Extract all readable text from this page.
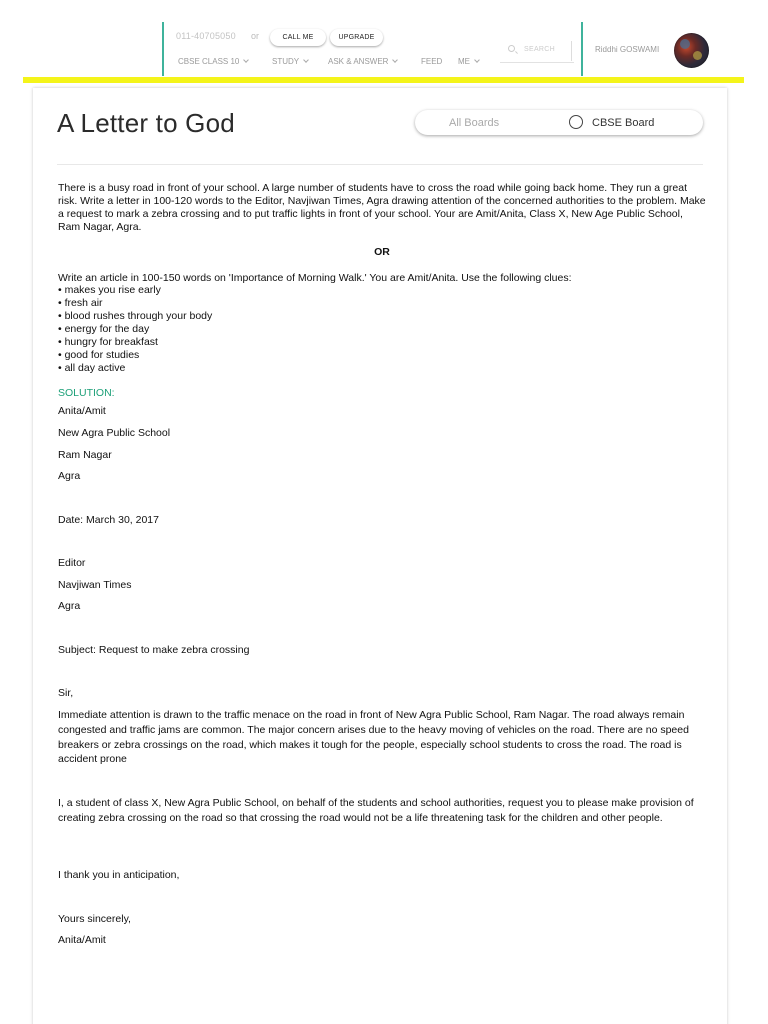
011-40705050 or	CALL ME	UPGRADE
CBSE CLASS 10	STUDY	ASK & ANSWER	FEED ME
SEARCH	Riddhi GOSWAMI
A Letter to God	All Boards	CBSE Board

There is a busy road in front of your school. A large number of students have to cross the road while going back home. They run a great risk. Write a letter in 100-120 words to the Editor, Navjiwan Times, Agra drawing attention of the concerned authorities to the problem. Make a request to mark a zebra crossing and to put traffic lights in front of your school. Your are Amit/Anita, Class X, New Age Public School, Ram Nagar, Agra.

OR

Write an article in 100-150 words on 'Importance of Morning Walk.' You are Amit/Anita. Use the following clues:

• makes you rise early
• fresh air
• blood rushes through your body
• energy for the day
• hungry for breakfast
• good for studies
• all day active

SOLUTION:

Anita/Amit

New Agra Public School

Ram Nagar

Agra

Date: March 30, 2017

Editor

Navjiwan Times

Agra

Subject: Request to make zebra crossing

Sir,

Immediate attention is drawn to the traffic menace on the road in front of New Agra Public School, Ram Nagar. The road always remain congested and traffic jams are common. The major concern arises due to the heavy moving of vehicles on the road. There are no speed breakers or zebra crossings on the road, which makes it tough for the people, especially school students to cross the road. The road is accident prone

I, a student of class X, New Agra Public School, on behalf of the students and school authorities, request you to please make provision of creating zebra crossing on the road so that crossing the road would not be a life threatening task for the children and other people.

I thank you in anticipation,

Yours sincerely,

Anita/Amit
